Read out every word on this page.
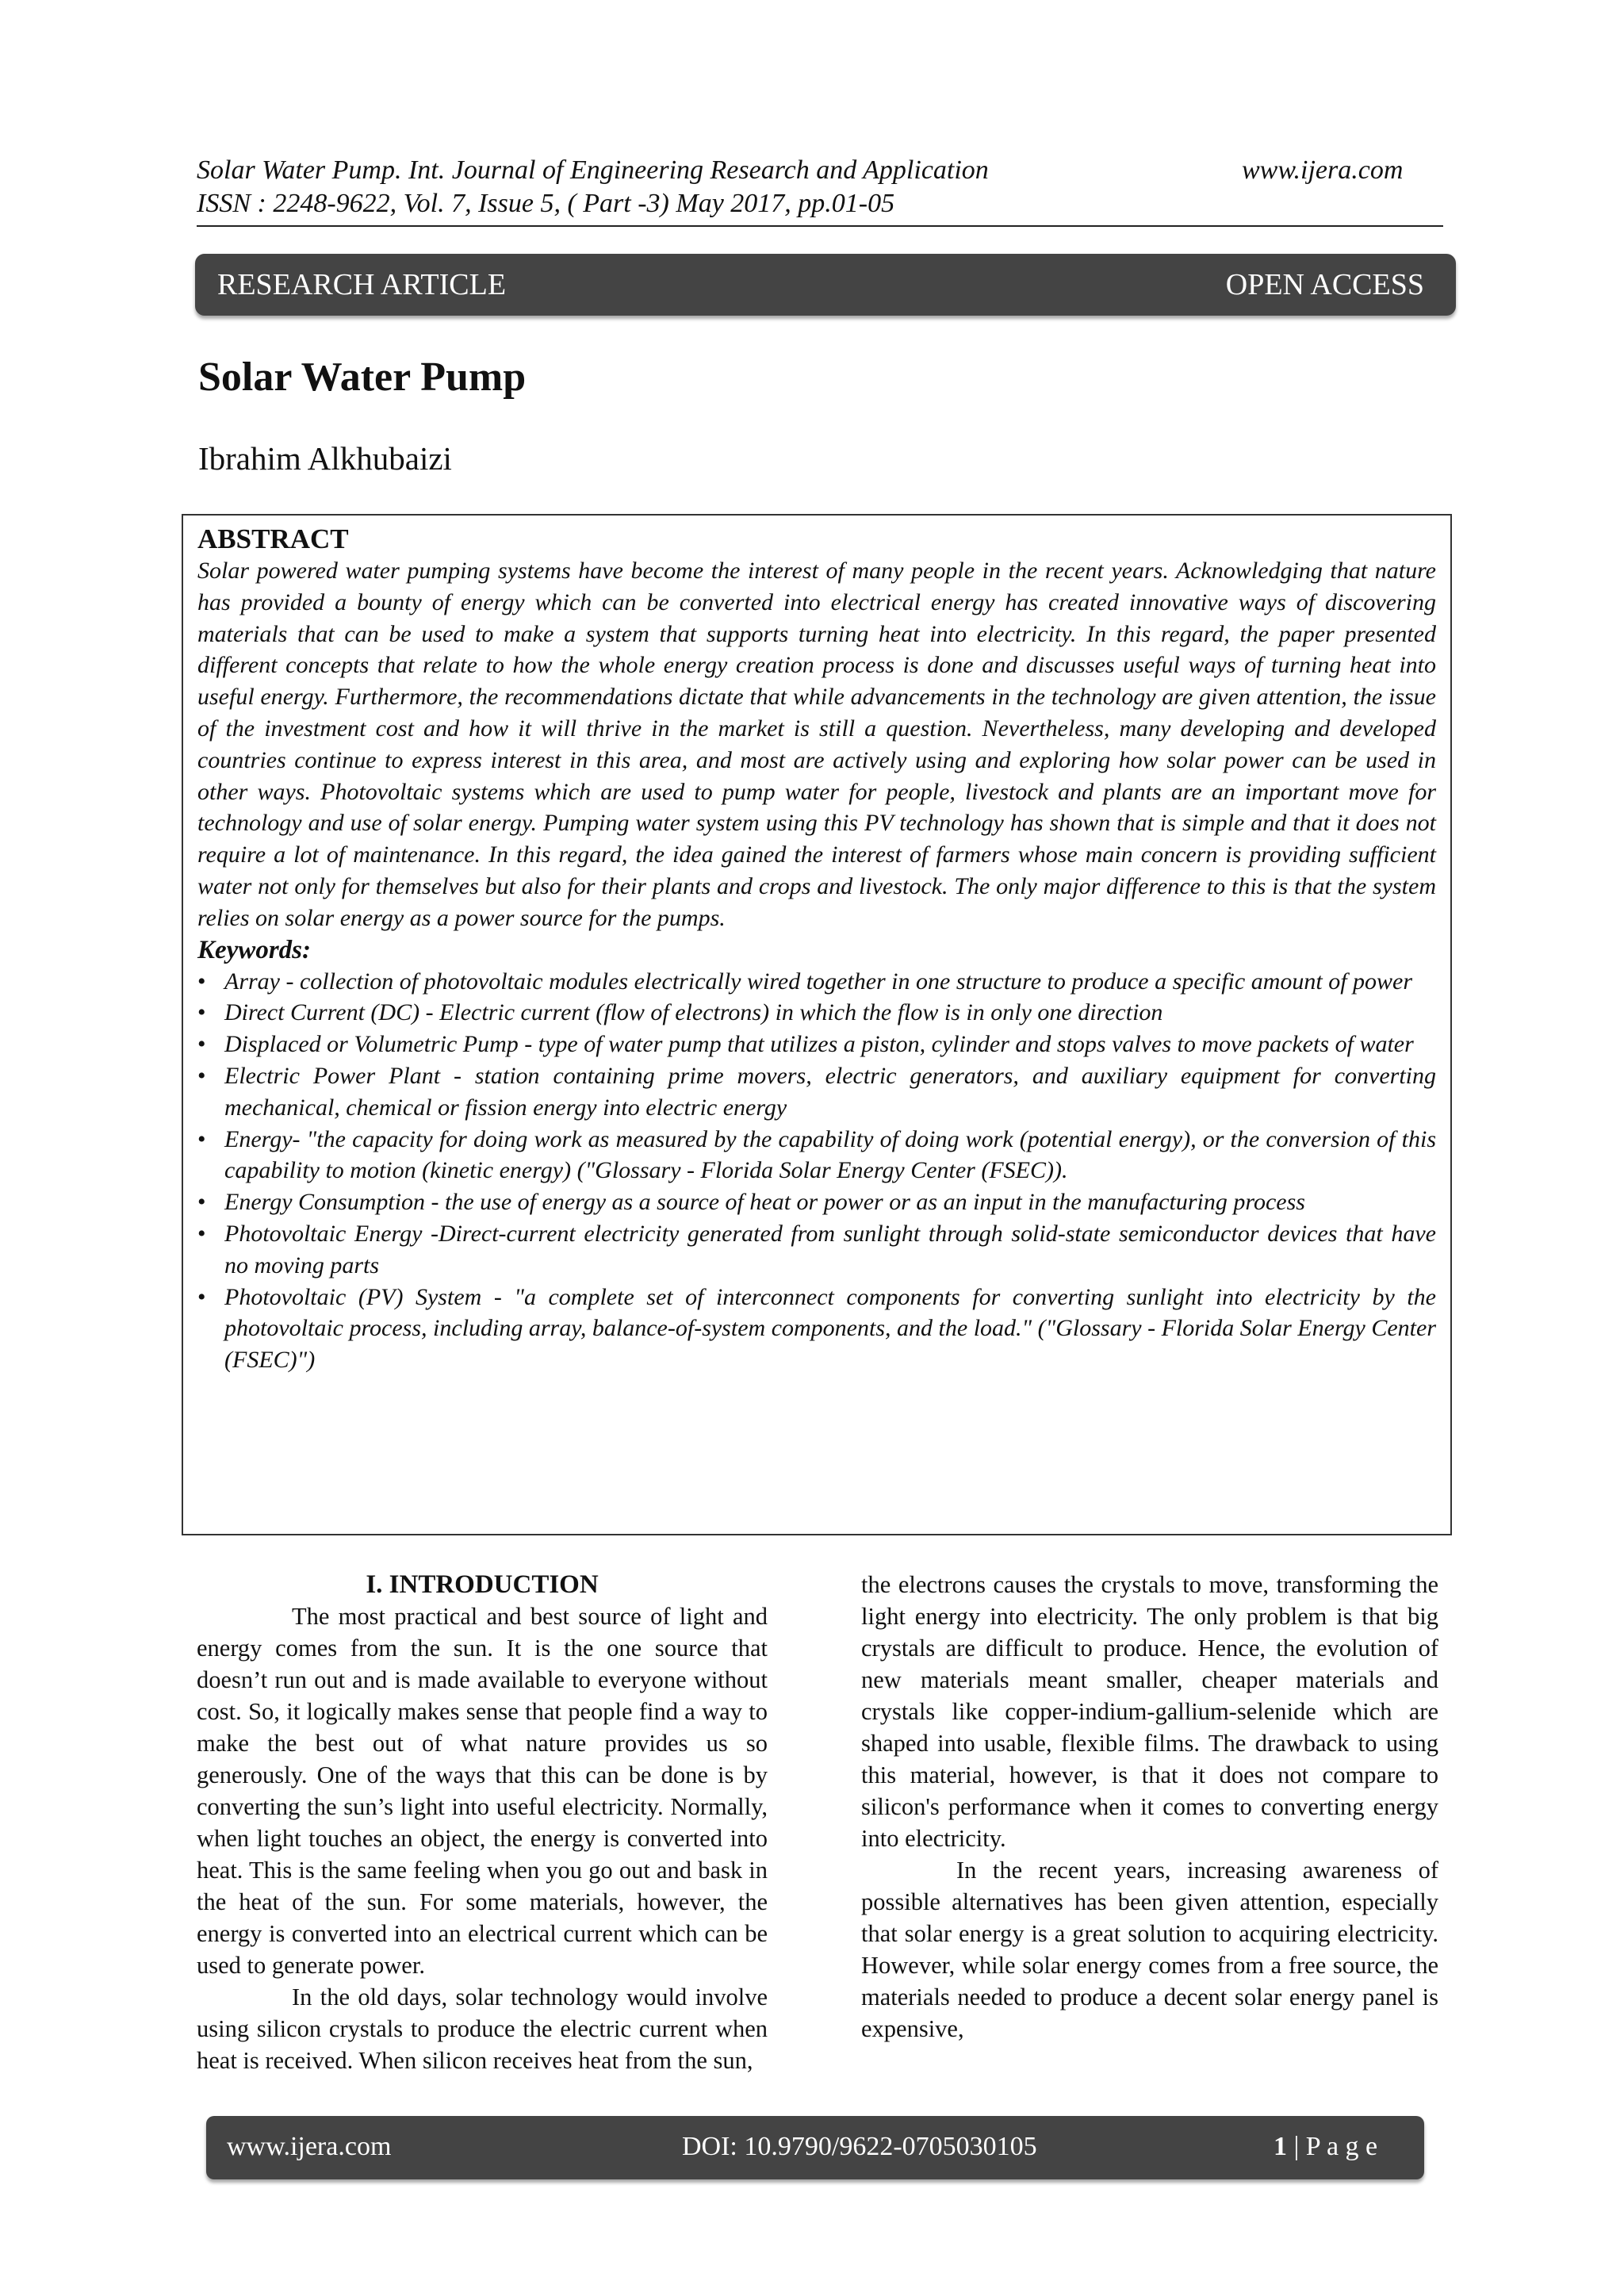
Solar Water Pump. Int. Journal of Engineering Research and Application
ISSN : 2248-9622, Vol. 7, Issue 5, ( Part -3) May 2017, pp.01-05
www.ijera.com
RESEARCH ARTICLE	OPEN ACCESS
Solar Water Pump
Ibrahim Alkhubaizi
ABSTRACT

Solar powered water pumping systems have become the interest of many people in the recent years. Acknowledging that nature has provided a bounty of energy which can be converted into electrical energy has created innovative ways of discovering materials that can be used to make a system that supports turning heat into electricity. In this regard, the paper presented different concepts that relate to how the whole energy creation process is done and discusses useful ways of turning heat into useful energy. Furthermore, the recommendations dictate that while advancements in the technology are given attention, the issue of the investment cost and how it will thrive in the market is still a question. Nevertheless, many developing and developed countries continue to express interest in this area, and most are actively using and exploring how solar power can be used in other ways. Photovoltaic systems which are used to pump water for people, livestock and plants are an important move for technology and use of solar energy. Pumping water system using this PV technology has shown that is simple and that it does not require a lot of maintenance. In this regard, the idea gained the interest of farmers whose main concern is providing sufficient water not only for themselves but also for their plants and crops and livestock. The only major difference to this is that the system relies on solar energy as a power source for the pumps.

Keywords:
• Array - collection of photovoltaic modules electrically wired together in one structure to produce a specific amount of power
• Direct Current (DC) - Electric current (flow of electrons) in which the flow is in only one direction
• Displaced or Volumetric Pump - type of water pump that utilizes a piston, cylinder and stops valves to move packets of water
• Electric Power Plant - station containing prime movers, electric generators, and auxiliary equipment for converting mechanical, chemical or fission energy into electric energy
• Energy- "the capacity for doing work as measured by the capability of doing work (potential energy), or the conversion of this capability to motion (kinetic energy) ("Glossary - Florida Solar Energy Center (FSEC)).
• Energy Consumption - the use of energy as a source of heat or power or as an input in the manufacturing process
• Photovoltaic Energy -Direct-current electricity generated from sunlight through solid-state semiconductor devices that have no moving parts
• Photovoltaic (PV) System - "a complete set of interconnect components for converting sunlight into electricity by the photovoltaic process, including array, balance-of-system components, and the load." ("Glossary - Florida Solar Energy Center (FSEC)")
I. INTRODUCTION

The most practical and best source of light and energy comes from the sun. It is the one source that doesn’t run out and is made available to everyone without cost. So, it logically makes sense that people find a way to make the best out of what nature provides us so generously. One of the ways that this can be done is by converting the sun’s light into useful electricity. Normally, when light touches an object, the energy is converted into heat. This is the same feeling when you go out and bask in the heat of the sun. For some materials, however, the energy is converted into an electrical current which can be used to generate power.

In the old days, solar technology would involve using silicon crystals to produce the electric current when heat is received. When silicon receives heat from the sun,

the electrons causes the crystals to move, transforming the light energy into electricity. The only problem is that big crystals are difficult to produce. Hence, the evolution of new materials meant smaller, cheaper materials and crystals like copper-indium-gallium-selenide which are shaped into usable, flexible films. The drawback to using this material, however, is that it does not compare to silicon's performance when it comes to converting energy into electricity.

In the recent years, increasing awareness of possible alternatives has been given attention, especially that solar energy is a great solution to acquiring electricity. However, while solar energy comes from a free source, the materials needed to produce a decent solar energy panel is expensive,

www.ijera.com	DOI: 10.9790/9622-0705030105	1 | P a g e
